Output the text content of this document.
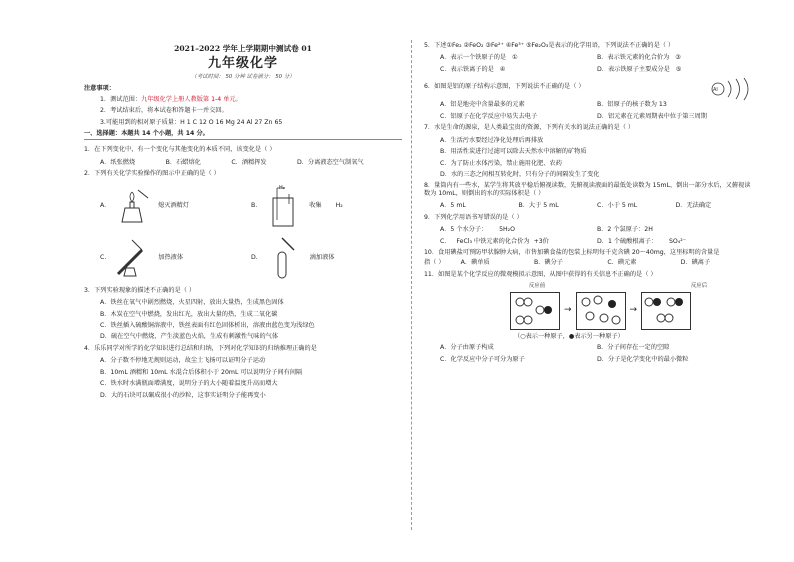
2021–2022 学年上学期期中测试卷 01

九年级化学

（考试时间： 50 分钟 试卷满分： 50 分）

注意事项：
1．测试范围：九年级化学上册人教版第 1-4 单元。
2．考试结束后，将本试卷和答题卡一并交回。
3.可能用到的相对原子质量：H 1 C 12 O 16 Mg 24 Al 27 Zn 65
一、选择题：本题共 14 个小题，共 14 分。
1．在下列变化中，有一个变化与其他变化的本质不同，该变化是（ ）
A．纸张燃烧	B．石蜡熔化	C．酒精挥发	D．分离液态空气制氧气
2．下列有关化学实验操作的图示中正确的是（ ）
A.	熄灭酒精灯	B.
H₂
收集 H₂
C.	加热液体	D.	滴加液体
3．下列实验现象的描述不正确的是（ ）
A．铁丝在氧气中剧烈燃烧，火星四射，放出大量热，生成黑色固体
B．木炭在空气中燃烧，发出红光，放出大量的热，生成二氧化碳
C．铁丝插入硫酸铜溶液中，铁丝表面有红色固体析出，溶液由蓝色变为浅绿色
D．硫在空气中燃烧，产生淡蓝色火焰，生成有刺激性气味的气体
4．乐乐同学对所学的化学知识进行总结和归纳，下列对化学知识的归纳推理正确的是
A．分子数不停地无规则运动，故尘土飞扬可以证明分子运动
B．10mL 酒精和 10mL 水混合后体积小于 20mL 可以说明分子间有间隔
C．铁水时水满瓶面增满度，说明分子的大小随着温度升高而增大
D．大的石块可以碾成很小的沙粒，这事实证明分子能再变小
5．下述①Fe₂ ②FeO₂ ③Fe²⁺ ④Fe³⁺ ⑤Fe₂O₃是表示的化学用语，下列说法不正确的是（ ）
A．表示一个铁原子的是 ①	B．表示铁元素的化合价为 ③
C．表示铁离子的是 ④	D．表示铁原子主要成分是 ⑤
6．如图是铝的原子结构示意图，下列说法不正确的是（ ）
Al
A．铝是地壳中含量最多的元素	B．铝原子的核子数为 13
C．铝原子在化学反应中易失去电子	D．铝元素在元素周期表中位于第三周期
7．水是生命的源泉，是人类最宝贵的资源，下列有关水的说法正确的是（ ）
A．生活污水要经过净化处理后再排放
B．用活性炭进行过滤可以除去天然水中溶解的矿物质
C．为了防止水体污染，禁止施用化肥、农药
D．水的三态之间相互转化时，只有分子的间隔发生了变化
8．量筒内有一些水，某学生将其放平稳后俯视读数，先俯视读液面的最低处读数为 15mL，倒出一部分水后，又俯视读数为 10mL，则倒出的水的实际体积是（ ）
A．5 mL	B．大于 5 mL	C．小于 5 mL	D．无法确定
9．下列化学用语书写错误的是（ ）
A．5 个水分子： 5H₂O	B．2 个氯原子：2H
C． FeCl₃ 中铁元素的化合价为 +3价	D．1 个硫酸根离子： SO₄²⁻
10．食用碘盐可预防甲状腺肿大病，市售加碘食盐的包装上标明每千克含碘 20～40mg，这里标明的含量是
指（ ）	A．碘单质	B．碘分子	C．碘元素	D．碘离子
11．如图是某个化学反应的微观模拟示意图，从图中获得的有关信息不正确的是（ ）
反应前	反应后
→	→
（○表示一种原子，●表示另一种原子）
A．分子由原子构成	B．分子间存在一定的空隙
C．化学反应中分子可分为原子	D．分子是化学变化中的最小微粒
